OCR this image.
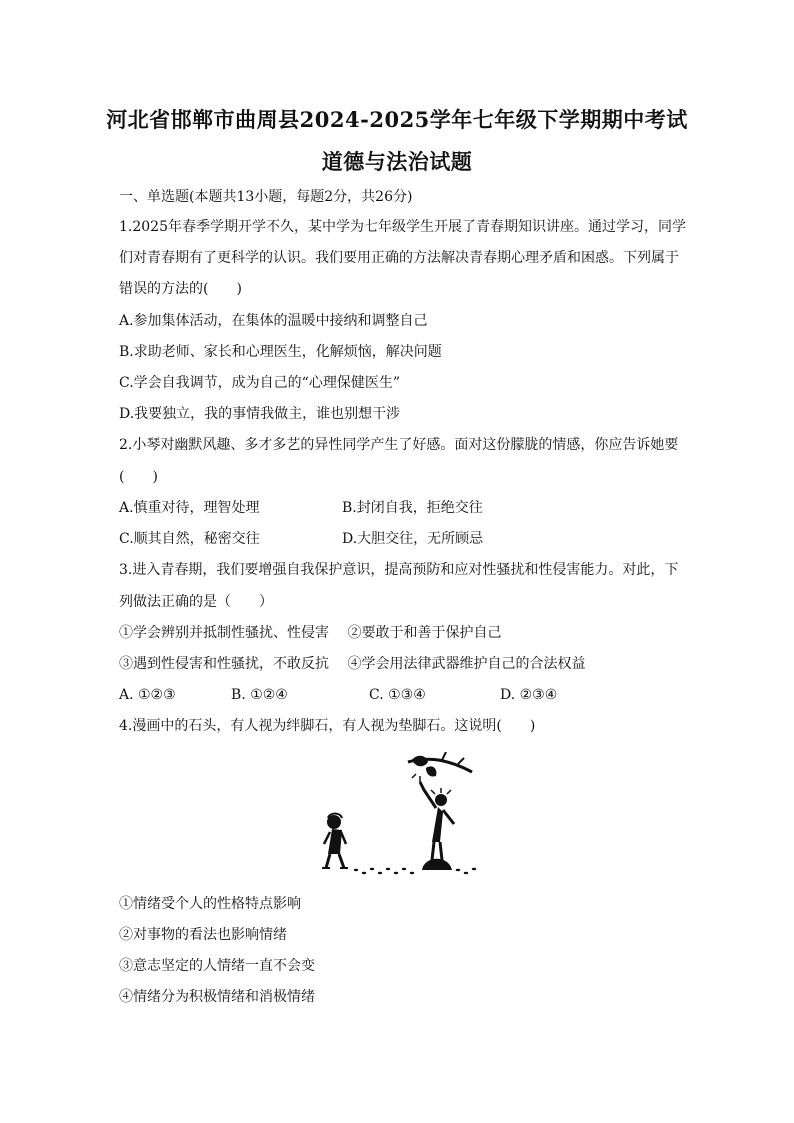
河北省邯郸市曲周县2024-2025学年七年级下学期期中考试
道德与法治试题
一、单选题(本题共13小题，每题2分，共26分)
1.2025年春季学期开学不久，某中学为七年级学生开展了青春期知识讲座。通过学习，同学
们对青春期有了更科学的认识。我们要用正确的方法解决青春期心理矛盾和困惑。下列属于
错误的方法的(　　)
A.参加集体活动，在集体的温暖中接纳和调整自己
B.求助老师、家长和心理医生，化解烦恼，解决问题
C.学会自我调节，成为自己的“心理保健医生”
D.我要独立，我的事情我做主，谁也别想干涉
2.小琴对幽默风趣、多才多艺的异性同学产生了好感。面对这份朦胧的情感，你应告诉她要
(　　)
A.慎重对待，理智处理	B.封闭自我，拒绝交往
C.顺其自然，秘密交往	D.大胆交往，无所顾忌
3.进入青春期，我们要增强自我保护意识，提高预防和应对性骚扰和性侵害能力。对此，下
列做法正确的是（　　）
①学会辨别并抵制性骚扰、性侵害　 ②要敢于和善于保护自己
③遇到性侵害和性骚扰，不敢反抗　 ④学会用法律武器维护自己的合法权益
A. ①②③	B. ①②④	C. ①③④	D. ②③④
4.漫画中的石头，有人视为绊脚石，有人视为垫脚石。这说明(　　)
①情绪受个人的性格特点影响
②对事物的看法也影响情绪
③意志坚定的人情绪一直不会变
④情绪分为积极情绪和消极情绪
